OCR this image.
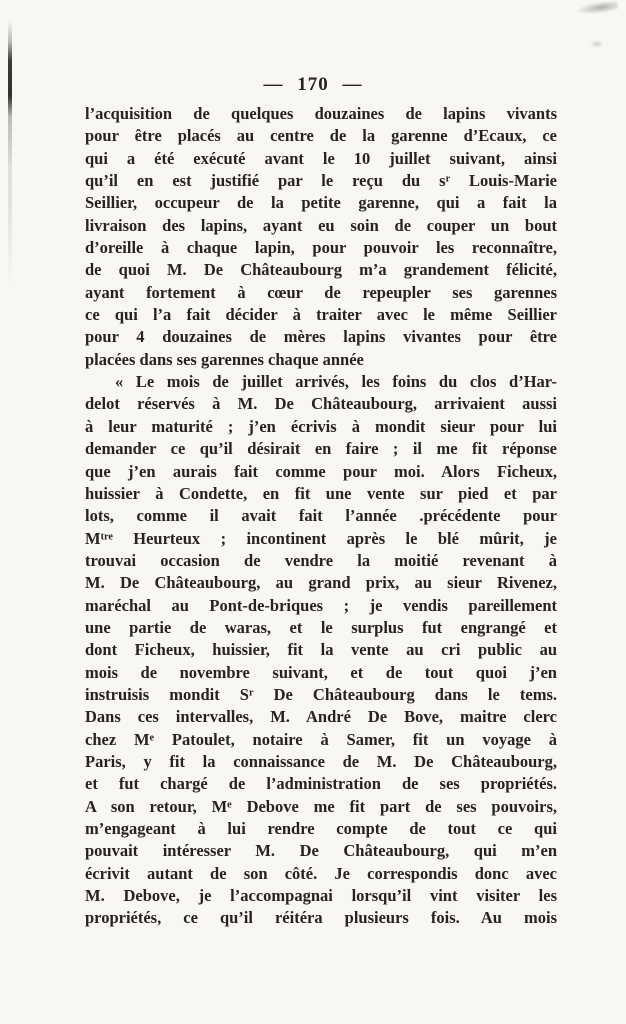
— 170 —
l’acquisition de quelques douzaines de lapins vivants
pour être placés au centre de la garenne d’Ecaux, ce
qui a été exécuté avant le 10 juillet suivant, ainsi
qu’il en est justifié par le reçu du $s^r$ Louis-Marie
Seillier, occupeur de la petite garenne, qui a fait la
livraison des lapins, ayant eu soin de couper un bout
d’oreille à chaque lapin, pour pouvoir les reconnaître,
de quoi M. De Châteaubourg m’a grandement félicité,
ayant fortement à cœur de repeupler ses garennes
ce qui l’a fait décider à traiter avec le même Seillier
pour 4 douzaines de mères lapins vivantes pour être
placées dans ses garennes chaque année
« Le mois de juillet arrivés, les foins du clos d’Har-
delot réservés à M. De Châteaubourg, arrivaient aussi
à leur maturité ; j’en écrivis à mondit sieur pour lui
demander ce qu’il désirait en faire ; il me fit réponse
que j’en aurais fait comme pour moi. Alors Ficheux,
huissier à Condette, en fit une vente sur pied et par
lots, comme il avait fait l’année .précédente pour
$M^{tre}$ Heurteux ; incontinent après le blé mûrit, je
trouvai occasion de vendre la moitié revenant à
M. De Châteaubourg, au grand prix, au sieur Rivenez,
maréchal au Pont-de-briques ; je vendis pareillement
une partie de waras, et le surplus fut engrangé et
dont Ficheux, huissier, fit la vente au cri public au
mois de novembre suivant, et de tout quoi j’en
instruisis mondit $S^r$ De Châteaubourg dans le tems.
Dans ces intervalles, M. André De Bove, maitre clerc
chez Me Patoulet, notaire à Samer, fit un voyage à
Paris, y fit la connaissance de M. De Châteaubourg,
et fut chargé de l’administration de ses propriétés.
A son retour, Me Debove me fit part de ses pouvoirs,
m’engageant à lui rendre compte de tout ce qui
pouvait intéresser M. De Châteaubourg, qui m’en
écrivit autant de son côté. Je correspondis donc avec
M. Debove, je l’accompagnai lorsqu’il vint visiter les
propriétés, ce qu’il réitéra plusieurs fois. Au mois
